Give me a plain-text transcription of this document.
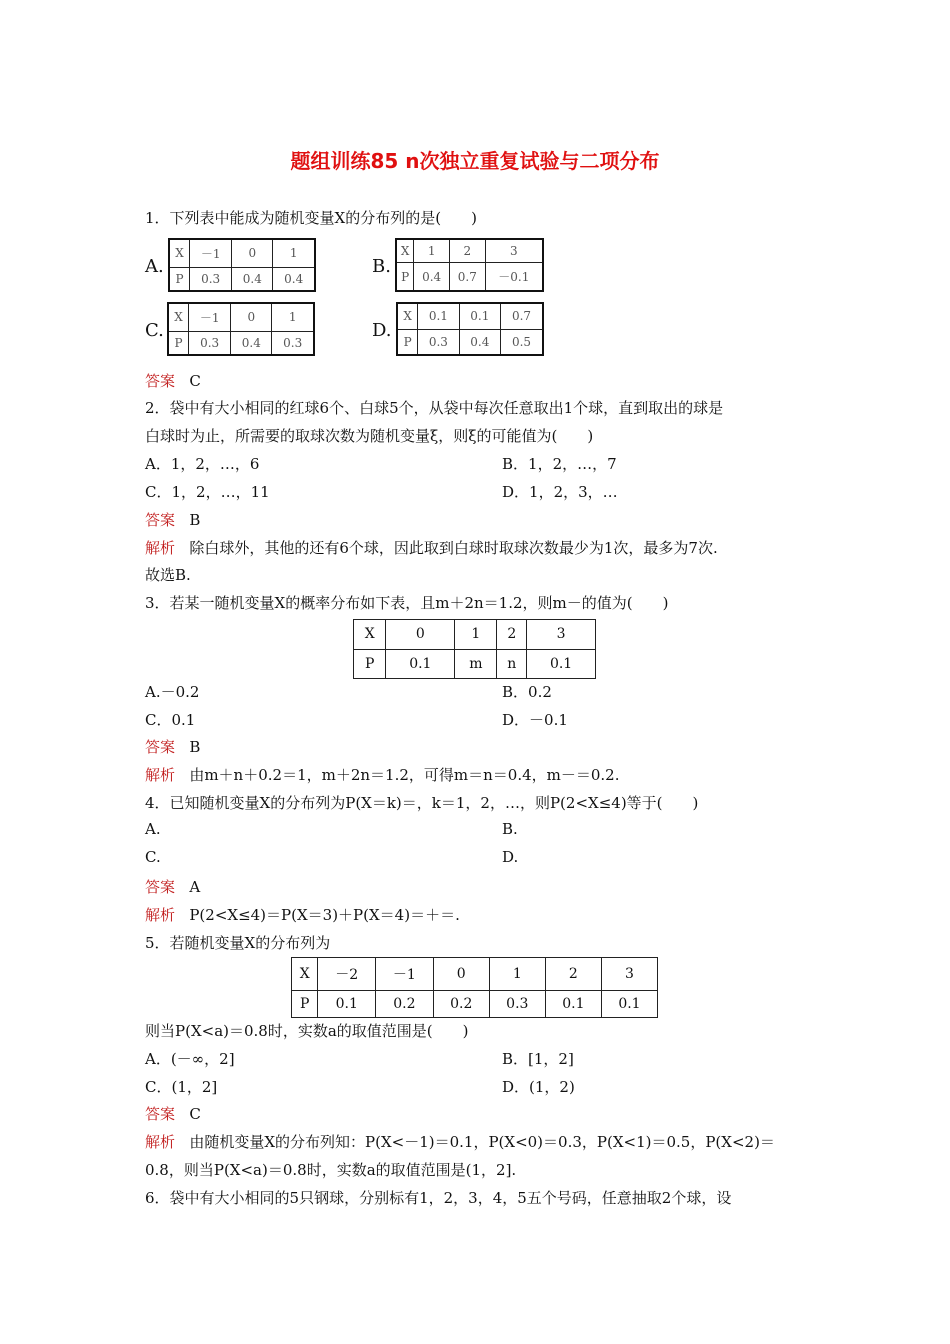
题组训练85 n次独立重复试验与二项分布
1．下列表中能成为随机变量X的分布列的是(　　)
A.
X	－1	0	1
P	0.3	0.4	0.4
B.
X	1	2	3
P	0.4	0.7	－0.1
C.
X	－1	0	1
P	0.3	0.4	0.3
D.
X	0.1	0.1	0.7
P	0.3	0.4	0.5
答案 C
2．袋中有大小相同的红球6个、白球5个，从袋中每次任意取出1个球，直到取出的球是
白球时为止，所需要的取球次数为随机变量ξ，则ξ的可能值为(　　)
A．1，2，…，6	B．1，2，…，7
C．1，2，…，11	D．1，2，3，…
答案 B
解析 除白球外，其他的还有6个球，因此取到白球时取球次数最少为1次，最多为7次.
故选B.
3．若某一随机变量X的概率分布如下表，且m＋2n＝1.2，则m－的值为(　　)
X	0	1	2	3
P	0.1	m	n	0.1
A.－0.2	B．0.2
C．0.1	D．－0.1
答案 B
解析 由m＋n＋0.2＝1，m＋2n＝1.2，可得m＝n＝0.4，m－＝0.2.
4．已知随机变量X的分布列为P(X＝k)＝，k＝1，2，…，则P(2<X≤4)等于(　　)
A.	B.
C.	D.
答案 A
解析 P(2<X≤4)＝P(X＝3)＋P(X＝4)＝＋＝.
5．若随机变量X的分布列为
X	－2	－1	0	1	2	3
P	0.1	0.2	0.2	0.3	0.1	0.1
则当P(X<a)＝0.8时，实数a的取值范围是(　　)
A．(－∞，2]	B．[1，2]
C．(1，2]	D．(1，2)
答案 C
解析 由随机变量X的分布列知：P(X<－1)＝0.1，P(X<0)＝0.3，P(X<1)＝0.5，P(X<2)＝
0.8，则当P(X<a)＝0.8时，实数a的取值范围是(1，2].
6．袋中有大小相同的5只钢球，分别标有1，2，3，4，5五个号码，任意抽取2个球，设
